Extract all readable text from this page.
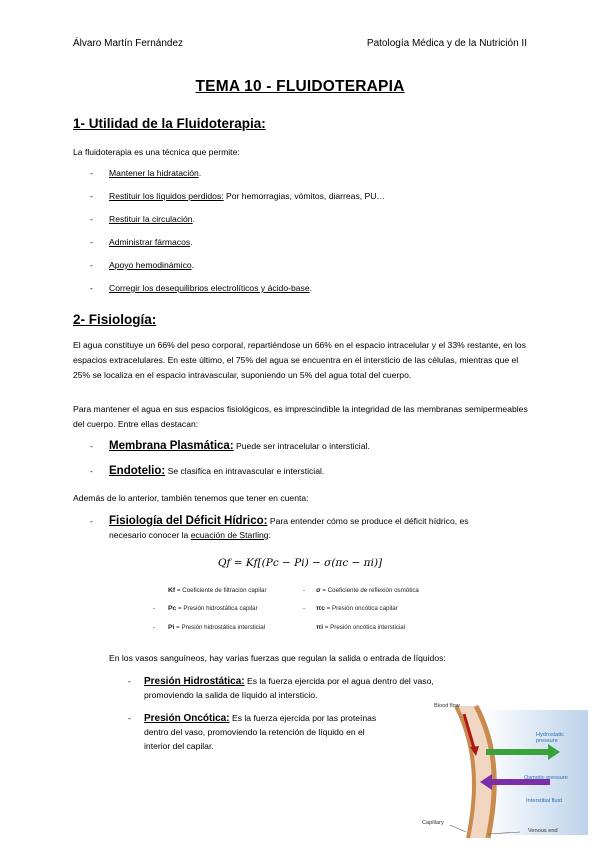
Álvaro Martín Fernández	Patología Médica y de la Nutrición II
TEMA 10 - FLUIDOTERAPIA
1- Utilidad de la Fluidoterapia:
La fluidoterapia es una técnica que permite:
- Mantener la hidratación.
- Restituir los líquidos perdidos: Por hemorragias, vómitos, diarreas, PU…
- Restituir la circulación.
- Administrar fármacos.
- Apoyo hemodinámico.
- Corregir los desequilibrios electrolíticos y ácido-base.
2- Fisiología:
El agua constituye un 66% del peso corporal, repartiéndose un 66% en el espacio intracelular y el 33% restante, en los espacios extracelulares. En este último, el 75% del agua se encuentra en el intersticio de las células, mientras que el 25% se localiza en el espacio intravascular, suponiendo un 5% del agua total del cuerpo.
Para mantener el agua en sus espacios fisiológicos, es imprescindible la integridad de las membranas semipermeables del cuerpo. Entre ellas destacan:
- Membrana Plasmática: Puede ser intracelular o intersticial.
- Endotelio: Se clasifica en intravascular e intersticial.
Además de lo anterior, también tenemos que tener en cuenta:
- Fisiología del Déficit Hídrico: Para entender cómo se produce el déficit hídrico, es
necesario conocer la ecuación de Starling:
Qf = Kf[(Pc − Pi) − σ(πc − πi)]
Kf = Coeficiente de filtración capilar
Pc = Presión hidrostática capilar
Pi = Presión hidrostática intersticial
- σ = Coeficiente de reflexión osmótica
- πc = Presión oncótica capilar
πi = Presión oncótica intersticial
-
-
En los vasos sanguíneos, hay varias fuerzas que regulan la salida o entrada de líquidos:
- Presión Hidrostática: Es la fuerza ejercida por el agua dentro del vaso,
promoviendo la salida de líquido al intersticio.
- Presión Oncótica: Es la fuerza ejercida por las proteínas
dentro del vaso, promoviendo la retención de líquido en el
interior del capilar.
Blood flow
Hydrostatic pressure
Osmotic pressure
Interstitial fluid
Capillary
Venous end
